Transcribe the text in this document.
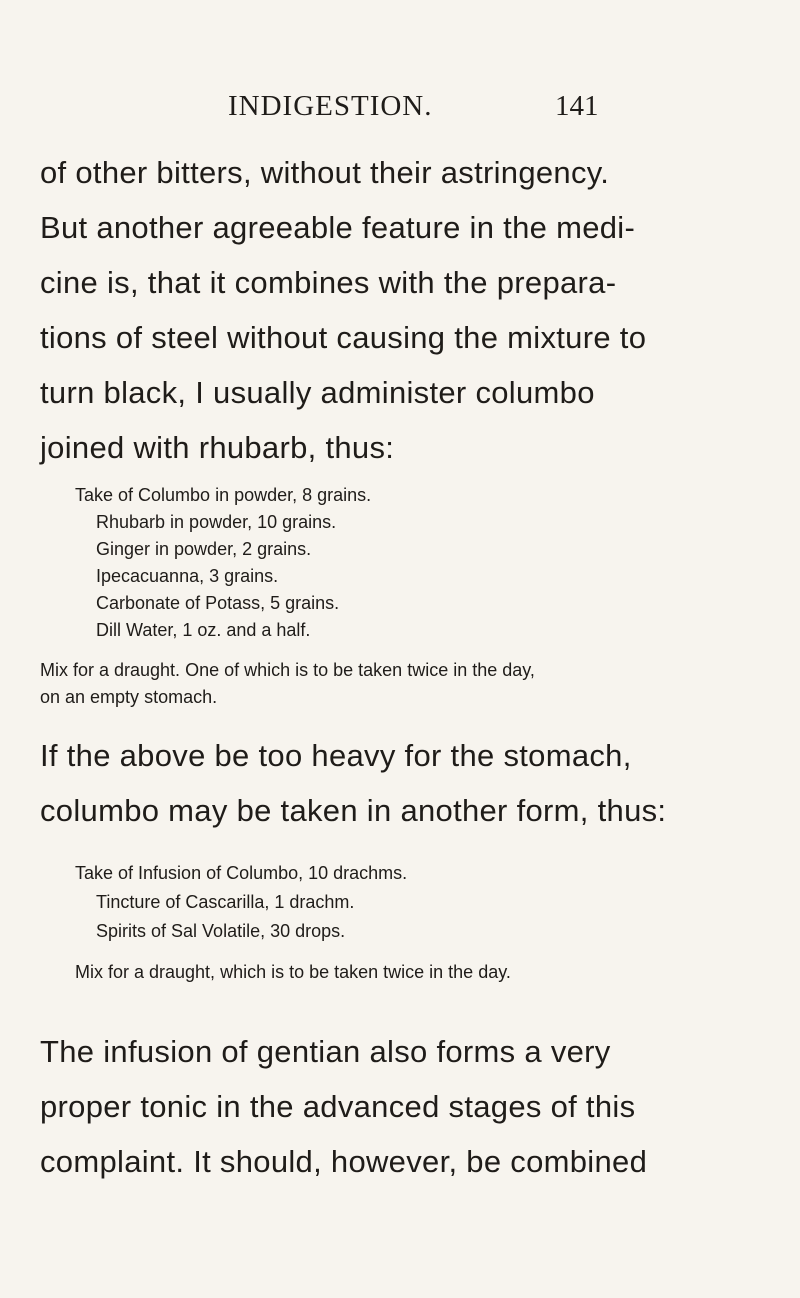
INDIGESTION.	141
of other bitters, without their astringency.
But another agreeable feature in the medi-
cine is, that it combines with the prepara-
tions of steel without causing the mixture to
turn black, I usually administer columbo
joined with rhubarb, thus:
Take of Columbo in powder, 8 grains.
Rhubarb in powder, 10 grains.
Ginger in powder, 2 grains.
Ipecacuanna, 3 grains.
Carbonate of Potass, 5 grains.
Dill Water, 1 oz. and a half.
Mix for a draught. One of which is to be taken twice in the day,
on an empty stomach.
If the above be too heavy for the stomach,
columbo may be taken in another form, thus:
Take of Infusion of Columbo, 10 drachms.
Tincture of Cascarilla, 1 drachm.
Spirits of Sal Volatile, 30 drops.
Mix for a draught, which is to be taken twice in the day.
The infusion of gentian also forms a very
proper tonic in the advanced stages of this
complaint. It should, however, be combined
